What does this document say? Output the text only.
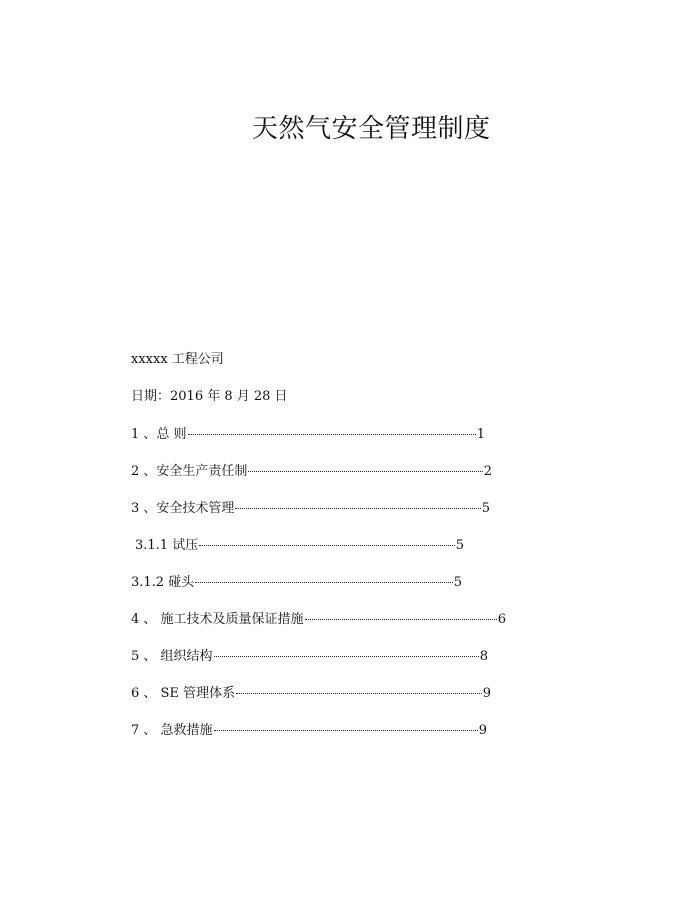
天然气安全管理制度
xxxxx 工程公司
日期：2016 年 8 月 28 日
1 、总 则	1
2 、安全生产责任制	2
3 、安全技术管理	5
3.1.1 试压	5
3.1.2 碰头	5
4 、 施工技术及质量保证措施	6
5 、 组织结构	8
6 、 SE 管理体系	9
7 、 急救措施	9
